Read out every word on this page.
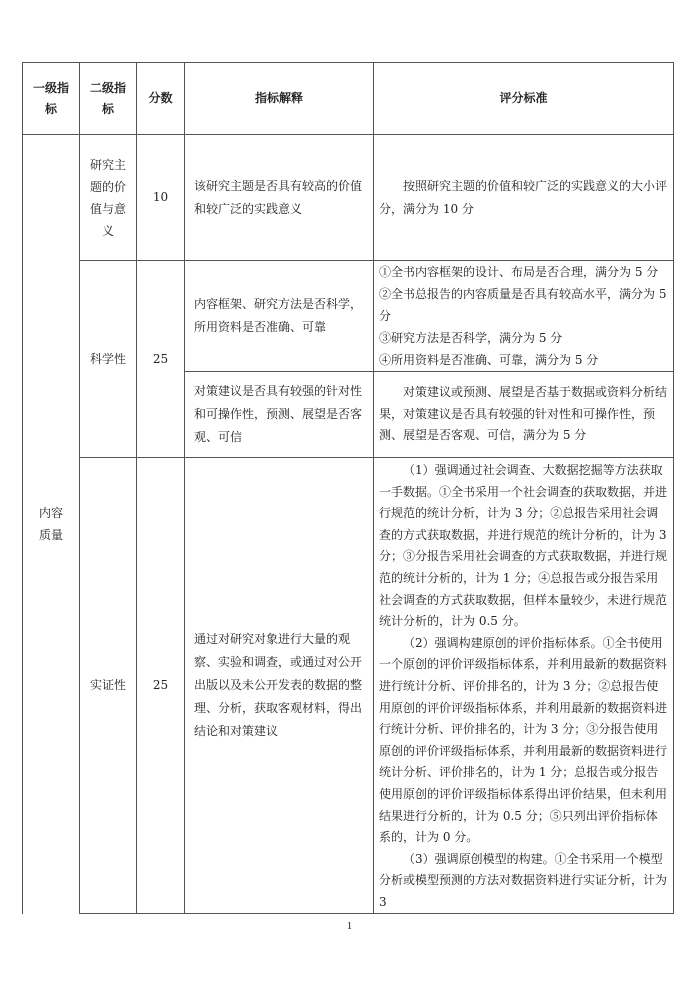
一级指标	二级指标	分数	指标解释	评分标准
内容质量	研究主题的价值与意义	10	该研究主题是否具有较高的价值和较广泛的实践意义	按照研究主题的价值和较广泛的实践意义的大小评分，满分为 10 分
	科学性	25	内容框架、研究方法是否科学，所用资料是否准确、可靠	①全书内容框架的设计、布局是否合理，满分为 5 分

②全书总报告的内容质量是否具有较高水平，满分为 5 分

③研究方法是否科学，满分为 5 分

④所用资料是否准确、可靠，满分为 5 分

			对策建议是否具有较强的针对性和可操作性，预测、展望是否客观、可信	对策建议或预测、展望是否基于数据或资料分析结果，对策建议是否具有较强的针对性和可操作性，预测、展望是否客观、可信，满分为 5 分
	实证性	25	通过对研究对象进行大量的观察、实验和调查，或通过对公开出版以及未公开发表的数据的整理、分析，获取客观材料，得出结论和对策建议	（1）强调通过社会调查、大数据挖掘等方法获取一手数据。①全书采用一个社会调查的获取数据，并进行规范的统计分析，计为 3 分；②总报告采用社会调查的方式获取数据，并进行规范的统计分析的，计为 3 分；③分报告采用社会调查的方式获取数据，并进行规范的统计分析的，计为 1 分；④总报告或分报告采用社会调查的方式获取数据，但样本量较少，未进行规范统计分析的，计为 0.5 分。

（2）强调构建原创的评价指标体系。①全书使用一个原创的评价评级指标体系，并利用最新的数据资料进行统计分析、评价排名的，计为 3 分；②总报告使用原创的评价评级指标体系，并利用最新的数据资料进行统计分析、评价排名的，计为 3 分；③分报告使用原创的评价评级指标体系，并利用最新的数据资料进行统计分析、评价排名的，计为 1 分；总报告或分报告使用原创的评价评级指标体系得出评价结果，但未利用结果进行分析的，计为 0.5 分；⑤只列出评价指标体系的，计为 0 分。

（3）强调原创模型的构建。①全书采用一个模型分析或模型预测的方法对数据资料进行实证分析，计为 3

1
